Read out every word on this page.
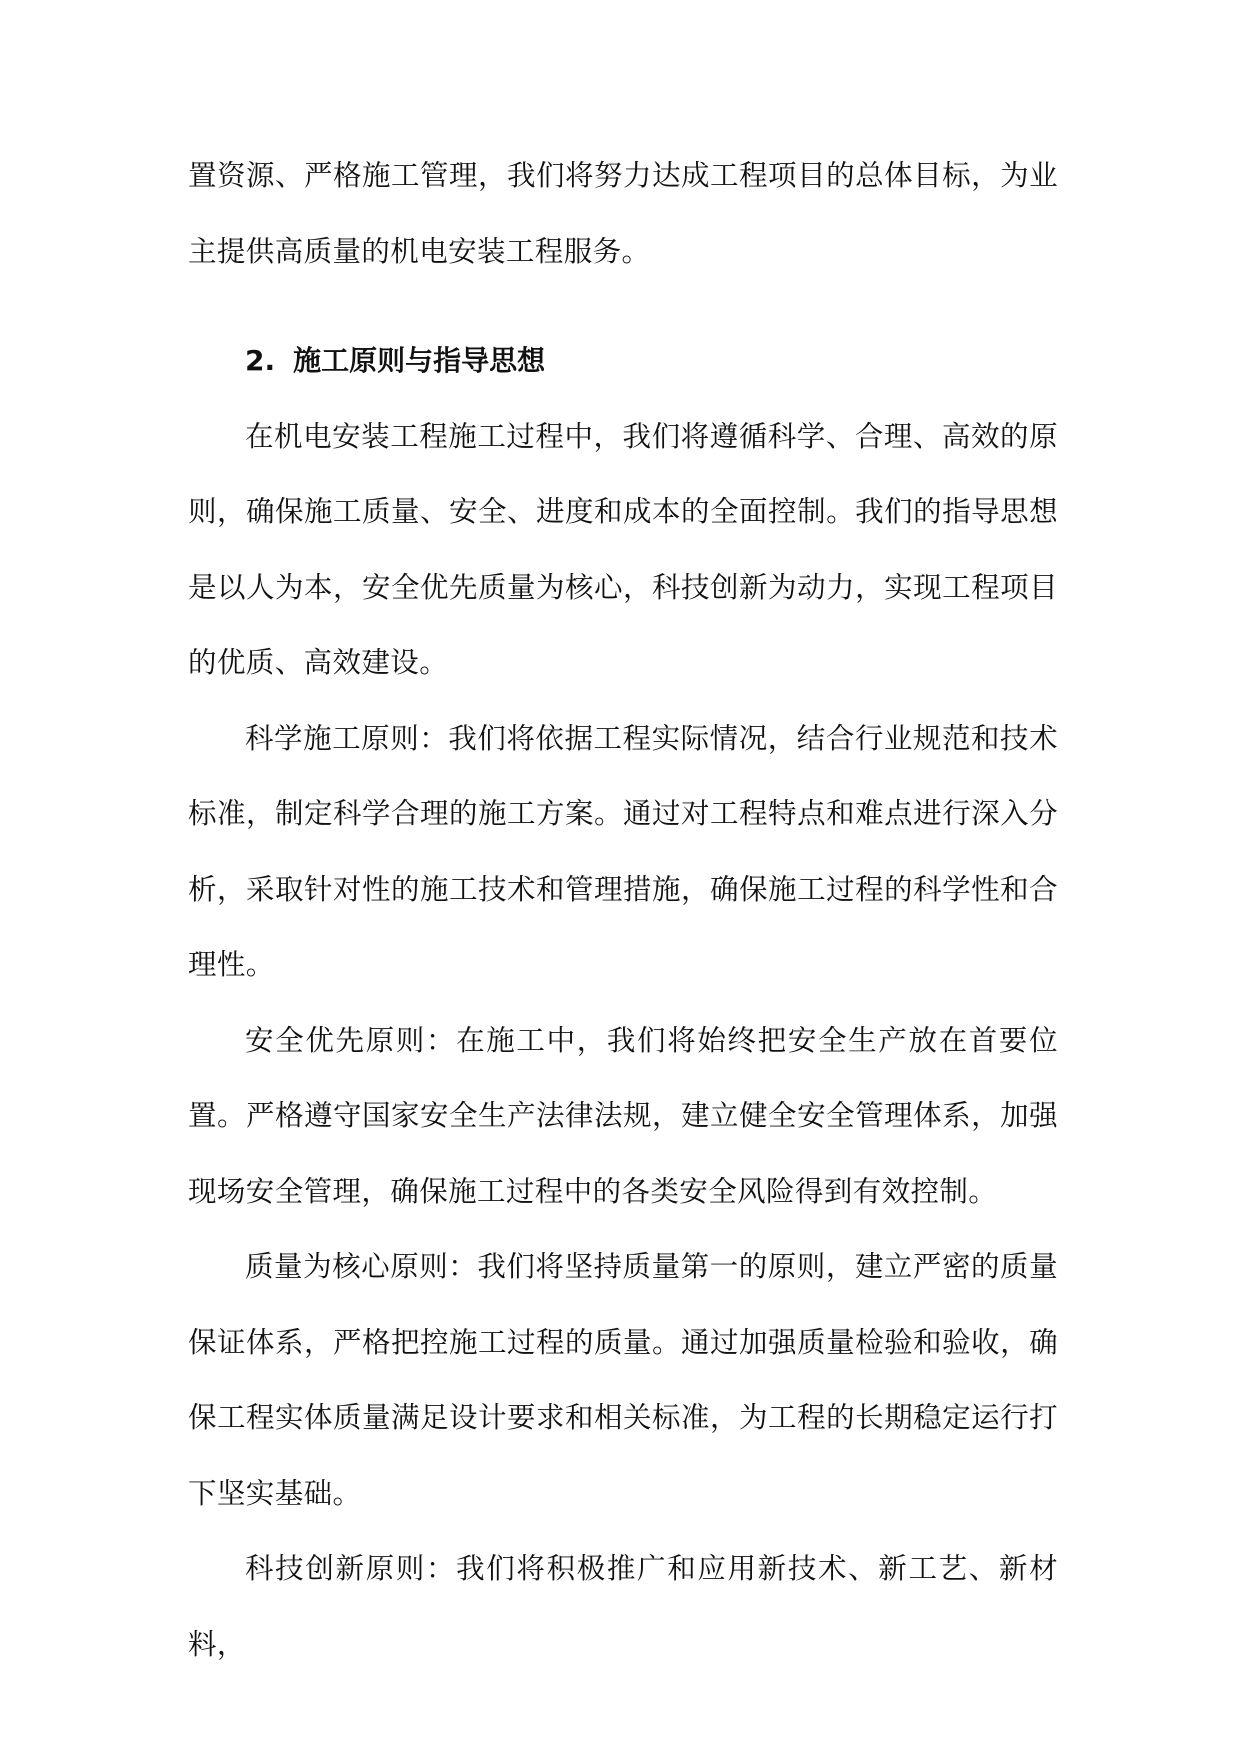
置资源、严格施工管理，我们将努力达成工程项目的总体目标，为业主提供高质量的机电安装工程服务。

2. 施工原则与指导思想

在机电安装工程施工过程中，我们将遵循科学、合理、高效的原则，确保施工质量、安全、进度和成本的全面控制。我们的指导思想是以人为本，安全优先质量为核心，科技创新为动力，实现工程项目的优质、高效建设。

科学施工原则：我们将依据工程实际情况，结合行业规范和技术标准，制定科学合理的施工方案。通过对工程特点和难点进行深入分析，采取针对性的施工技术和管理措施，确保施工过程的科学性和合理性。

安全优先原则：在施工中，我们将始终把安全生产放在首要位置。严格遵守国家安全生产法律法规，建立健全安全管理体系，加强现场安全管理，确保施工过程中的各类安全风险得到有效控制。

质量为核心原则：我们将坚持质量第一的原则，建立严密的质量保证体系，严格把控施工过程的质量。通过加强质量检验和验收，确保工程实体质量满足设计要求和相关标准，为工程的长期稳定运行打下坚实基础。

科技创新原则：我们将积极推广和应用新技术、新工艺、新材料，
